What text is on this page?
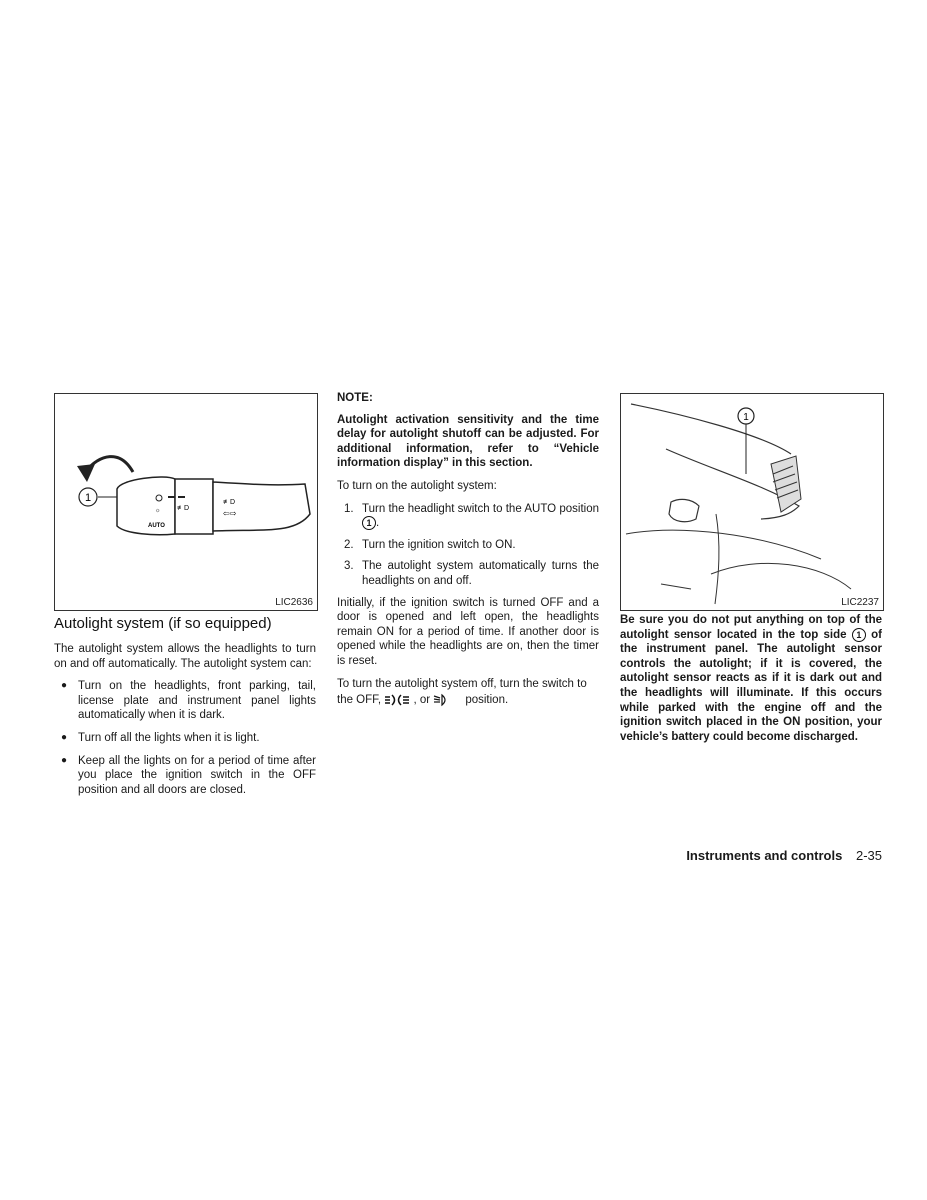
1
☼
AUTO
≢D
≢D
⇦⇨
LIC2636
1
LIC2237
Autolight system (if so equipped)

The autolight system allows the headlights to turn on and off automatically. The autolight system can:

● Turn on the headlights, front parking, tail, license plate and instrument panel lights automatically when it is dark.
● Turn off all the lights when it is light.
● Keep all the lights on for a period of time after you place the ignition switch in the OFF position and all doors are closed.

NOTE:

Autolight activation sensitivity and the time delay for autolight shutoff can be adjusted. For additional information, refer to “Vehicle information display” in this section.

To turn on the autolight system:

1. Turn the headlight switch to the AUTO position 1 .
2. Turn the ignition switch to ON.
3. The autolight system automatically turns the headlights on and off.

Initially, if the ignition switch is turned OFF and a door is opened and left open, the headlights remain ON for a period of time. If another door is opened while the headlights are on, then the timer is reset.

To turn the autolight system off, turn the switch to

the OFF,	, or	position.

Be sure you do not put anything on top of the autolight sensor located in the top side 1 of the instrument panel. The autolight sensor controls the autolight; if it is covered, the autolight sensor reacts as if it is dark out and the headlights will illuminate. If this occurs while parked with the engine off and the ignition switch placed in the ON position, your vehicle’s battery could become discharged.

Instruments and controls 2-35
